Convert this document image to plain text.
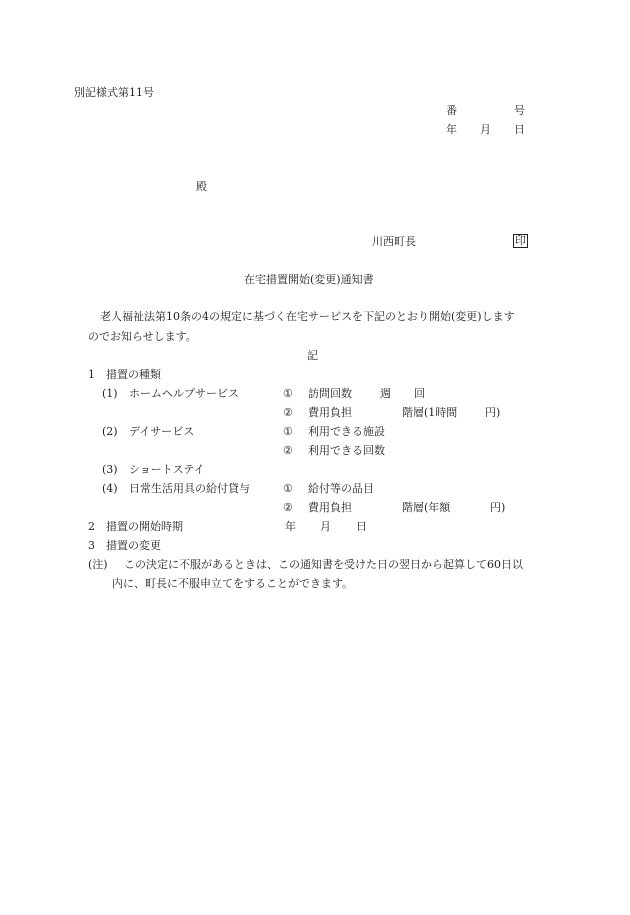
別記様式第11号
番	号
年 月 日
殿
川西町長	印
在宅措置開始(変更)通知書
老人福祉法第10条の4の規定に基づく在宅サービスを下記のとおり開始(変更)します
のでお知らせします。
記
1　措置の種類
(1) ホームヘルプサービス	① 訪問回数	週 回
② 費用負担	階層(1時間	円)
(2) デイサービス	① 利用できる施設
② 利用できる回数
(3) ショートステイ
(4) 日常生活用具の給付貸与	① 給付等の品目
② 費用負担	階層(年額	円)
2　措置の開始時期	年 月 日
3　措置の変更
(注) この決定に不服があるときは、この通知書を受けた日の翌日から起算して60日以
内に、町長に不服申立てをすることができます。
